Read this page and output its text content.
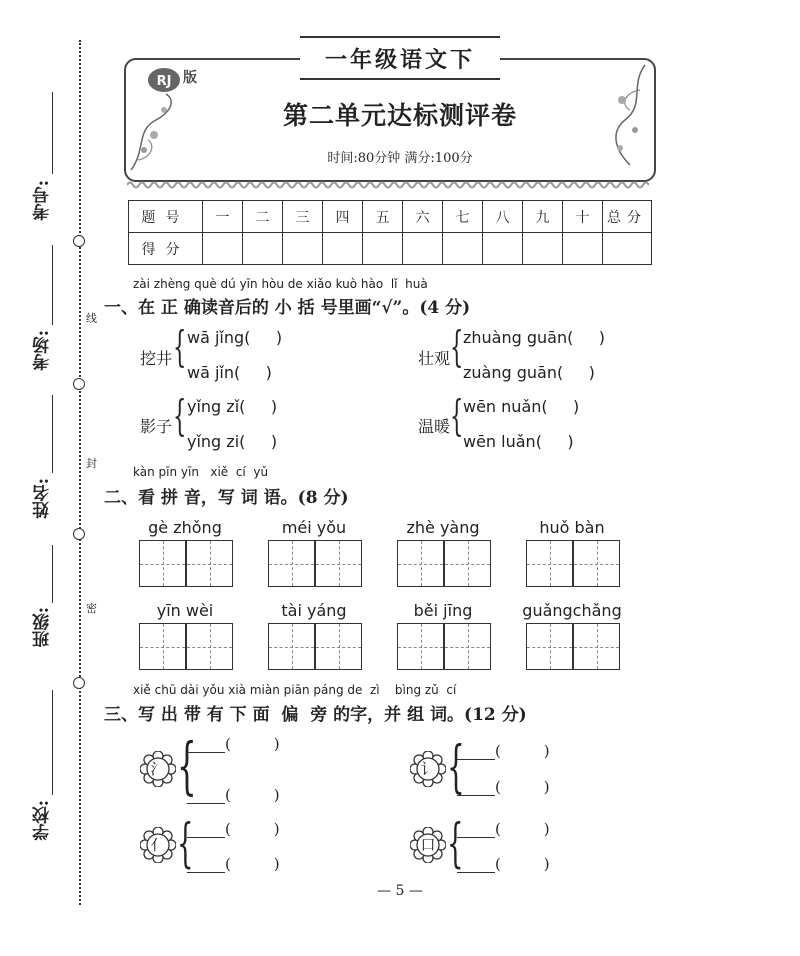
线
封
密
考号:
考场:
姓名:
班级:
学校:
一年级语文下
RJ 版
第二单元达标测评卷
时间:80分钟 满分:100分
题号	一	二	三	四	五	六	七	八	九	十	总分
得分											
zài zhèng què dú yīn hòu de xiǎo kuò hào  lǐ  huà
一、在 正 确读音后的 小 括 号里画“√”。(4 分)
挖井 { wā jǐng(     )
wā jǐn(     )
壮观 { zhuàng guān(     )
zuàng guān(     )
影子 { yǐng zǐ(     )
yǐng zi(     )
温暖 { wēn nuǎn(     )
wēn luǎn(     )
kàn pīn yīn   xiě  cí  yǔ
二、看 拼 音，写 词 语。(8 分)
gè zhǒng	méi yǒu	zhè yàng	huǒ bàn
yīn wèi	tài yáng	běi jīng	guǎngchǎng
xiě chū dài yǒu xià miàn piān páng de  zì    bìng zǔ  cí
三、写 出 带 有 下 面  偏  旁 的字，并 组 词。(12 分)
氵 {	(         )
(         )
讠 {	(         )
(         )
亻 {	(         )
(         )
口 {	(         )
(         )
— 5 —
